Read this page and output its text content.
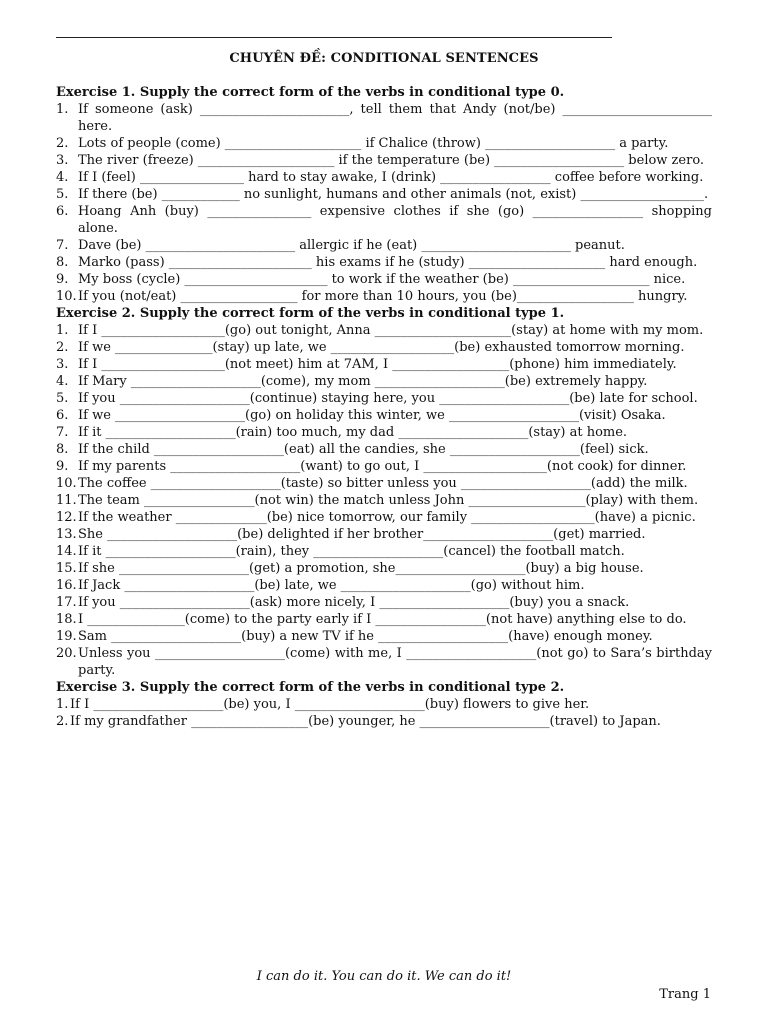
CHUYÊN ĐỀ: CONDITIONAL SENTENCES
Exercise 1. Supply the correct form of the verbs in conditional type 0.
1. If someone (ask) _______________________, tell them that Andy (not/be) _______________________ here.
2. Lots of people (come) _____________________ if Chalice (throw) ____________________ a party.
3. The river (freeze) _____________________ if the temperature (be) ____________________ below zero.
4. If I (feel) ________________ hard to stay awake, I (drink) _________________ coffee before working.
5. If there (be) ____________ no sunlight, humans and other animals (not, exist) ___________________.
6. Hoang Anh (buy) ________________ expensive clothes if she (go) _________________ shopping alone.
7. Dave (be) _______________________ allergic if he (eat) _______________________ peanut.
8. Marko (pass) ______________________ his exams if he (study) _____________________ hard enough.
9. My boss (cycle) ______________________ to work if the weather (be) _____________________ nice.
10. If you (not/eat) __________________ for more than 10 hours, you (be)__________________ hungry.
Exercise 2. Supply the correct form of the verbs in conditional type 1.
1. If I ___________________(go) out tonight, Anna _____________________(stay) at home with my mom.
2. If we _______________(stay) up late, we ___________________(be) exhausted tomorrow morning.
3. If I ___________________(not meet) him at 7AM, I __________________(phone) him immediately.
4. If Mary ____________________(come), my mom ____________________(be) extremely happy.
5. If you ____________________(continue) staying here, you ____________________(be) late for school.
6. If we ____________________(go) on holiday this winter, we ____________________(visit) Osaka.
7. If it ____________________(rain) too much, my dad ____________________(stay) at home.
8. If the child ____________________(eat) all the candies, she ____________________(feel) sick.
9. If my parents ____________________(want) to go out, I ___________________(not cook) for dinner.
10. The coffee ____________________(taste) so bitter unless you ____________________(add) the milk.
11. The team _________________(not win) the match unless John __________________(play) with them.
12. If the weather ______________(be) nice tomorrow, our family ___________________(have) a picnic.
13. She ____________________(be) delighted if her brother____________________(get) married.
14. If it ____________________(rain), they ____________________(cancel) the football match.
15. If she ____________________(get) a promotion, she____________________(buy) a big house.
16. If Jack ____________________(be) late, we ____________________(go) without him.
17. If you ____________________(ask) more nicely, I ____________________(buy) you a snack.
18. I _______________(come) to the party early if I _________________(not have) anything else to do.
19. Sam ____________________(buy) a new TV if he ____________________(have) enough money.
20. Unless you ____________________(come) with me, I ____________________(not go) to Sara’s birthday party.
Exercise 3. Supply the correct form of the verbs in conditional type 2.
1. If I ____________________(be) you, I ____________________(buy) flowers to give her.
2. If my grandfather __________________(be) younger, he ____________________(travel) to Japan.
I can do it. You can do it. We can do it!
Trang 1
